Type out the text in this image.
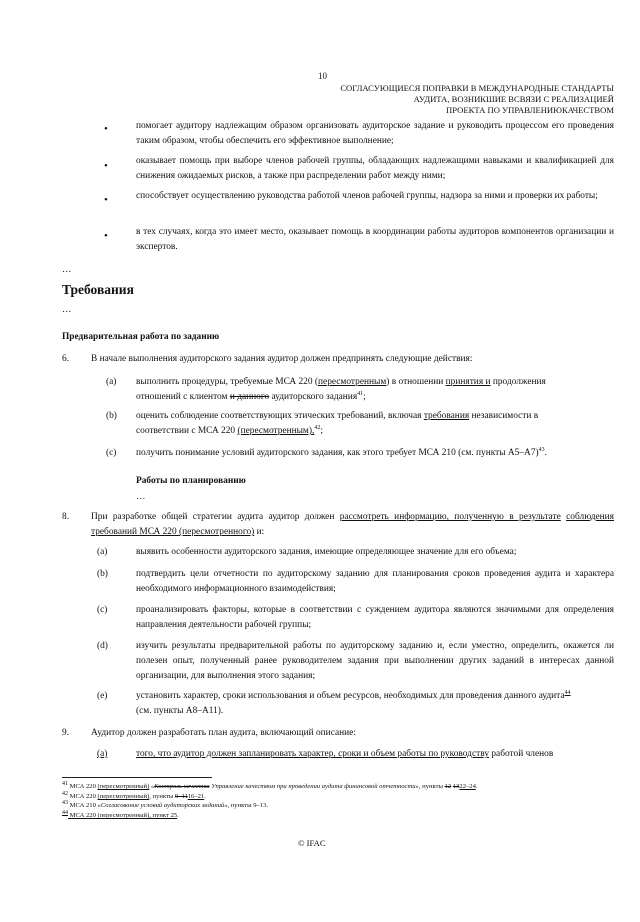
10
СОГЛАСУЮЩИЕСЯ ПОПРАВКИ В МЕЖДУНАРОДНЫЕ СТАНДАРТЫ
АУДИТА, ВОЗНИКШИЕ ВСВЯЗИ С РЕАЛИЗАЦИЕЙ
ПРОЕКТА ПО УПРАВЛЕНИЮКАЧЕСТВОМ
•	помогает аудитору надлежащим образом организовать аудиторское задание и руководить процессом его проведения таким образом, чтобы обеспечить его эффективное выполнение;
•	оказывает помощь при выборе членов рабочей группы, обладающих надлежащими навыками и квалификацией для снижения ожидаемых рисков, а также при распределении работ между ними;
•	способствует осуществлению руководства работой членов рабочей группы, надзора за ними и проверки их работы;
•	в тех случаях, когда это имеет место, оказывает помощь в координации работы аудиторов компонентов организации и экспертов.
…
Требования
…
Предварительная работа по заданию
6. В начале выполнения аудиторского задания аудитор должен предпринять следующие действия:
(а) выполнить процедуры, требуемые МСА 220 (пересмотренным) в отношении принятия и продолжения
отношений с клиентом и данного аудиторского задания$^{41}$;
(b) оценить соблюдение соответствующих этических требований, включая требования независимости в
соответствии с МСА 220 (пересмотренным),$^{42}$;
(с) получить понимание условий аудиторского задания, как этого требует МСА 210 (см. пункты А5–А7)$^{43}$.
Работы по планированию
…
8. При разработке общей стратегии аудита аудитор должен рассмотреть информацию, полученную в результате соблюдения требований МСА 220 (пересмотренного) и:
(а)	выявить особенности аудиторского задания, имеющие определяющее значение для его объема;
(b)	подтвердить цели отчетности по аудиторскому заданию для планирования сроков проведения аудита и характера необходимого информационного взаимодействия;
(с)	проанализировать факторы, которые в соответствии с суждением аудитора являются значимыми для определения направления деятельности рабочей группы;
(d)	изучить результаты предварительной работы по аудиторскому заданию и, если уместно, определить, окажется ли полезен опыт, полученный ранее руководителем задания при выполнении других заданий в интересах данной организации, для выполнения этого задания;
(е)	установить характер, сроки использования и объем ресурсов, необходимых для проведения данного аудита$^{44}$
(см. пункты А8–А11).
9. Аудитор должен разработать план аудита, включающий описание:
(а)	того, что аудитор должен запланировать характер, сроки и объем работы по руководству работой членов
$^{41}$ МСА 220 (пересмотренный) «Контроль качества Управление качеством при проведении аудита финансовой отчетности», пункты 12 1322–24.
$^{42}$ МСА 220 (пересмотренный), пункты 9–1116–21.
$^{43}$ МСА 210 «Согласование условий аудиторских заданий», пункты 9–13.
$^{44}$ МСА 220 (пересмотренный), пункт 25.
© IFAC
